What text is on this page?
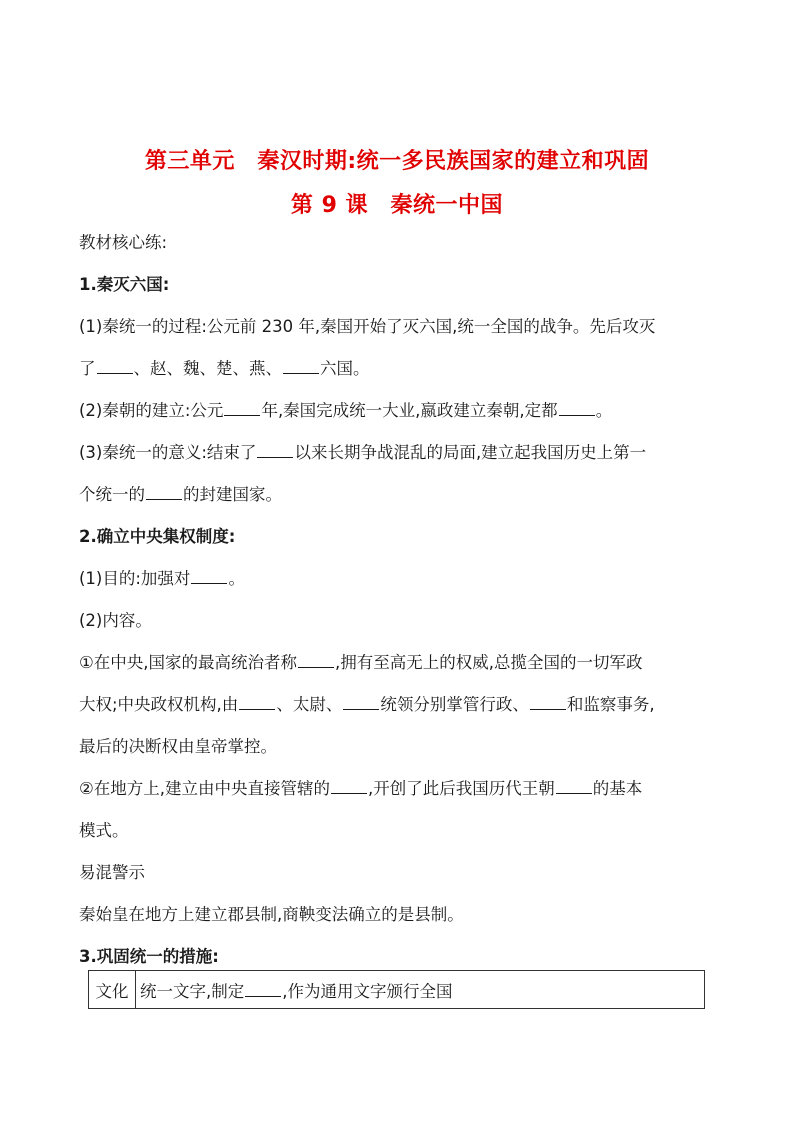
第三单元　秦汉时期:统一多民族国家的建立和巩固
第 9 课　秦统一中国
教材核心练:
1.秦灭六国:
(1)秦统一的过程:公元前 230 年,秦国开始了灭六国,统一全国的战争。先后攻灭
了 、赵、魏、楚、燕、 六国。
(2)秦朝的建立:公元 年,秦国完成统一大业,嬴政建立秦朝,定都 。
(3)秦统一的意义:结束了 以来长期争战混乱的局面,建立起我国历史上第一
个统一的 的封建国家。
2.确立中央集权制度:
(1)目的:加强对 。
(2)内容。
①在中央,国家的最高统治者称 ,拥有至高无上的权威,总揽全国的一切军政
大权;中央政权机构,由 、太尉、 统领分别掌管行政、 和监察事务,
最后的决断权由皇帝掌控。
②在地方上,建立由中央直接管辖的 ,开创了此后我国历代王朝 的基本
模式。
易混警示
秦始皇在地方上建立郡县制,商鞅变法确立的是县制。
3.巩固统一的措施:
文化	统一文字,制定 ,作为通用文字颁行全国
